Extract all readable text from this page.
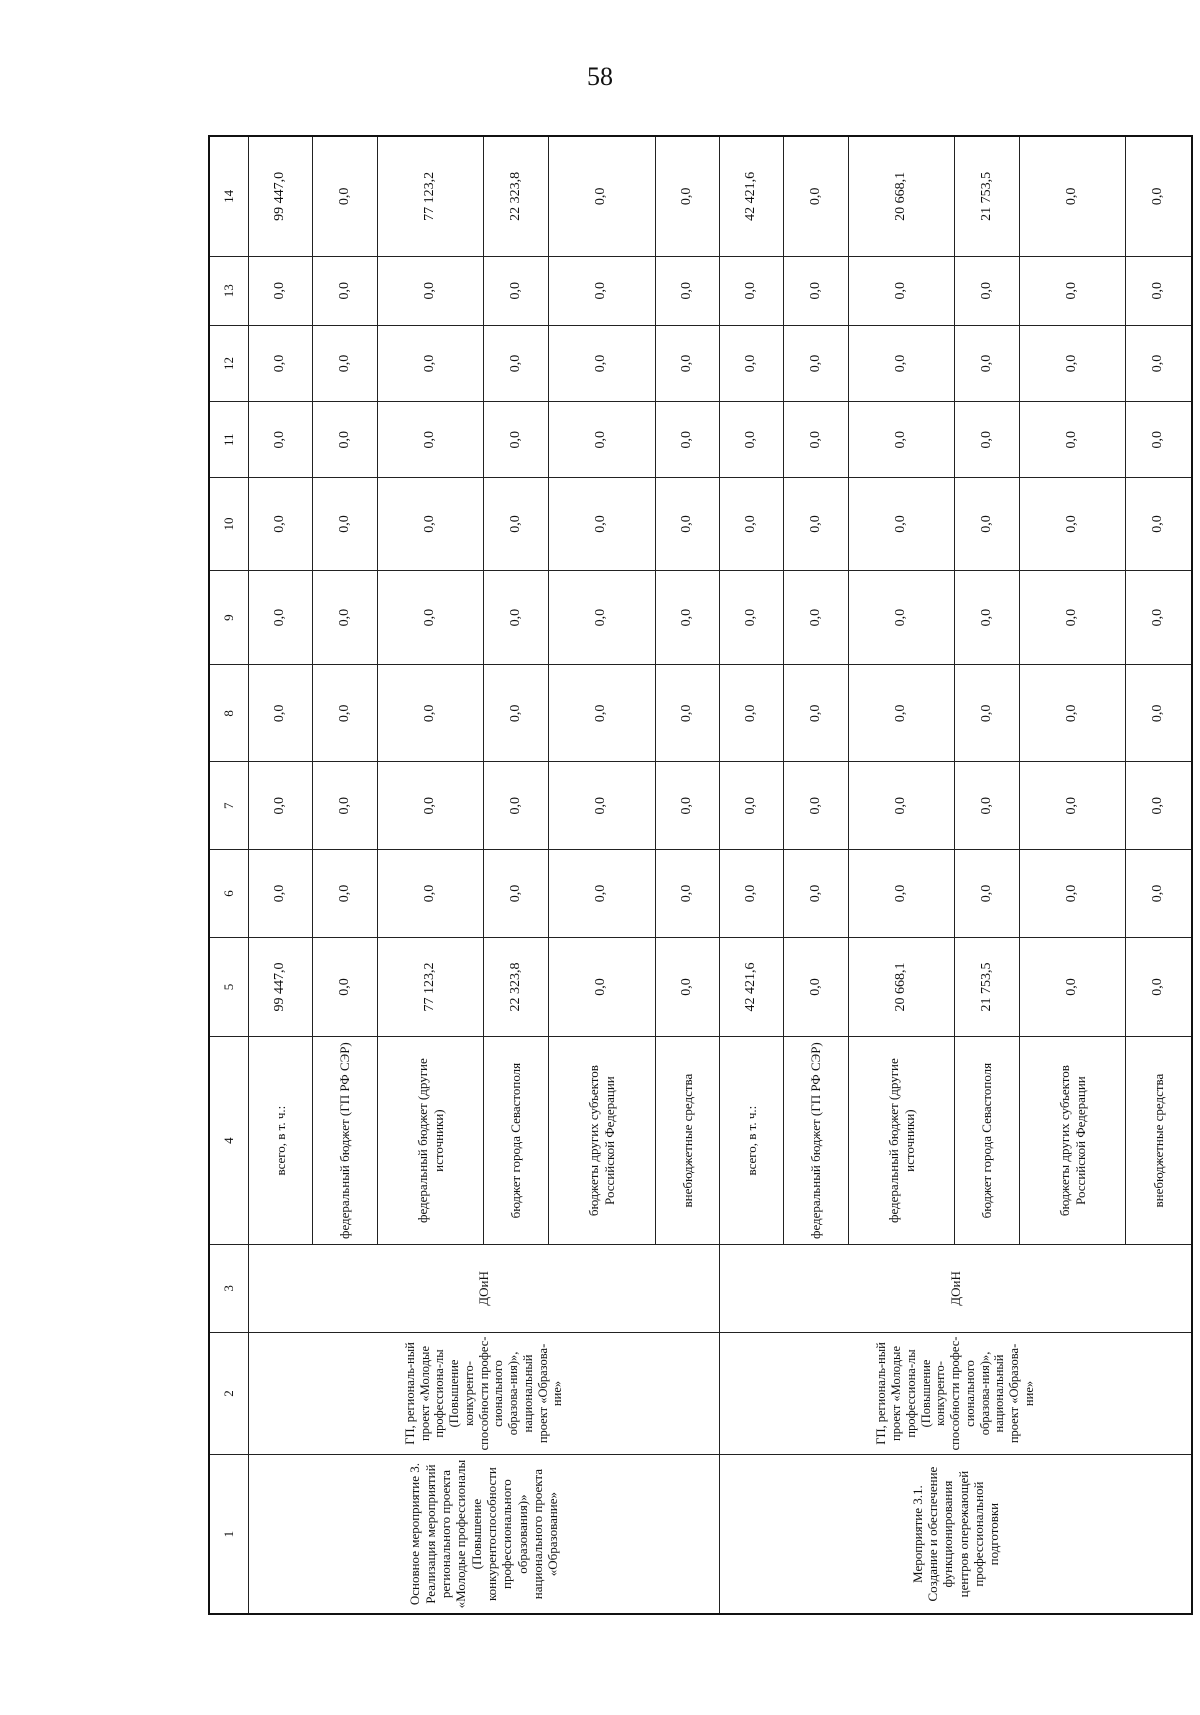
58
1	2	3	4	5	6	7	8	9	10	11	12	13	14
Основное мероприятие 3. Реализация мероприятий регионального проекта «Молодые профессионалы (Повышение конкурентоспособности профессионального образования)» национального проекта «Образование»	ГП, региональ-ный проект «Молодые профессиона-лы (Повышение конкуренто-способности профес-сионального образова-ния)», национальный проект «Образова-ние»	ДОиН	всего, в т. ч.:	99 447,0	0,0	0,0	0,0	0,0	0,0	0,0	0,0	0,0	99 447,0
			федеральный бюджет (ГП РФ СЭР)	0,0	0,0	0,0	0,0	0,0	0,0	0,0	0,0	0,0	0,0
			федеральный бюджет (другие источники)	77 123,2	0,0	0,0	0,0	0,0	0,0	0,0	0,0	0,0	77 123,2
			бюджет города Севастополя	22 323,8	0,0	0,0	0,0	0,0	0,0	0,0	0,0	0,0	22 323,8
			бюджеты других субъектов Российской Федерации	0,0	0,0	0,0	0,0	0,0	0,0	0,0	0,0	0,0	0,0
			внебюджетные средства	0,0	0,0	0,0	0,0	0,0	0,0	0,0	0,0	0,0	0,0
Мероприятие 3.1. Создание и обеспечение функционирования центров опережающей профессиональной подготовки	ГП, региональ-ный проект «Молодые профессиона-лы (Повышение конкуренто-способности профес-сионального образова-ния)», национальный проект «Образова-ние»	ДОиН	всего, в т. ч.:	42 421,6	0,0	0,0	0,0	0,0	0,0	0,0	0,0	0,0	42 421,6
			федеральный бюджет (ГП РФ СЭР)	0,0	0,0	0,0	0,0	0,0	0,0	0,0	0,0	0,0	0,0
			федеральный бюджет (другие источники)	20 668,1	0,0	0,0	0,0	0,0	0,0	0,0	0,0	0,0	20 668,1
			бюджет города Севастополя	21 753,5	0,0	0,0	0,0	0,0	0,0	0,0	0,0	0,0	21 753,5
			бюджеты других субъектов Российской Федерации	0,0	0,0	0,0	0,0	0,0	0,0	0,0	0,0	0,0	0,0
			внебюджетные средства	0,0	0,0	0,0	0,0	0,0	0,0	0,0	0,0	0,0	0,0
